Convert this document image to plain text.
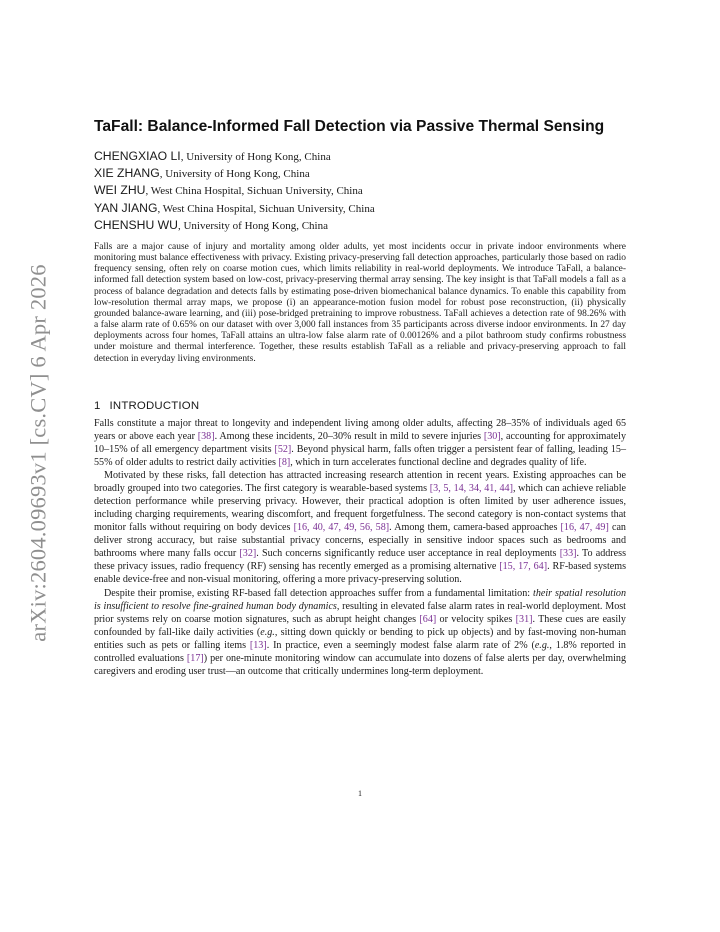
arXiv:2604.09693v1 [cs.CV] 6 Apr 2026
TaFall: Balance-Informed Fall Detection via Passive Thermal Sensing
CHENGXIAO LI, University of Hong Kong, China
XIE ZHANG, University of Hong Kong, China
WEI ZHU, West China Hospital, Sichuan University, China
YAN JIANG, West China Hospital, Sichuan University, China
CHENSHU WU, University of Hong Kong, China

Falls are a major cause of injury and mortality among older adults, yet most incidents occur in private indoor environments where monitoring must balance effectiveness with privacy. Existing privacy-preserving fall detection approaches, particularly those based on radio frequency sensing, often rely on coarse motion cues, which limits reliability in real-world deployments. We introduce TaFall, a balance-informed fall detection system based on low-cost, privacy-preserving thermal array sensing. The key insight is that TaFall models a fall as a process of balance degradation and detects falls by estimating pose-driven biomechanical balance dynamics. To enable this capability from low-resolution thermal array maps, we propose (i) an appearance-motion fusion model for robust pose reconstruction, (ii) physically grounded balance-aware learning, and (iii) pose-bridged pretraining to improve robustness. TaFall achieves a detection rate of 98.26% with a false alarm rate of 0.65% on our dataset with over 3,000 fall instances from 35 participants across diverse indoor environments. In 27 day deployments across four homes, TaFall attains an ultra-low false alarm rate of 0.00126% and a pilot bathroom study confirms robustness under moisture and thermal interference. Together, these results establish TaFall as a reliable and privacy-preserving approach to fall detection in everyday living environments.

1 INTRODUCTION

Falls constitute a major threat to longevity and independent living among older adults, affecting 28–35% of individuals aged 65 years or above each year [38]. Among these incidents, 20–30% result in mild to severe injuries [30], accounting for approximately 10–15% of all emergency department visits [52]. Beyond physical harm, falls often trigger a persistent fear of falling, leading 15–55% of older adults to restrict daily activities [8], which in turn accelerates functional decline and degrades quality of life.

Motivated by these risks, fall detection has attracted increasing research attention in recent years. Existing approaches can be broadly grouped into two categories. The first category is wearable-based systems [3, 5, 14, 34, 41, 44], which can achieve reliable detection performance while preserving privacy. However, their practical adoption is often limited by user adherence issues, including charging requirements, wearing discomfort, and frequent forgetfulness. The second category is non-contact systems that monitor falls without requiring on body devices [16, 40, 47, 49, 56, 58]. Among them, camera-based approaches [16, 47, 49] can deliver strong accuracy, but raise substantial privacy concerns, especially in sensitive indoor spaces such as bedrooms and bathrooms where many falls occur [32]. Such concerns significantly reduce user acceptance in real deployments [33]. To address these privacy issues, radio frequency (RF) sensing has recently emerged as a promising alternative [15, 17, 64]. RF-based systems enable device-free and non-visual monitoring, offering a more privacy-preserving solution.

Despite their promise, existing RF-based fall detection approaches suffer from a fundamental limitation: their spatial resolution is insufficient to resolve fine-grained human body dynamics, resulting in elevated false alarm rates in real-world deployment. Most prior systems rely on coarse motion signatures, such as abrupt height changes [64] or velocity spikes [31]. These cues are easily confounded by fall-like daily activities (e.g., sitting down quickly or bending to pick up objects) and by fast-moving non-human entities such as pets or falling items [13]. In practice, even a seemingly modest false alarm rate of 2% (e.g., 1.8% reported in controlled evaluations [17]) per one-minute monitoring window can accumulate into dozens of false alerts per day, overwhelming caregivers and eroding user trust—an outcome that critically undermines long-term deployment.

1
